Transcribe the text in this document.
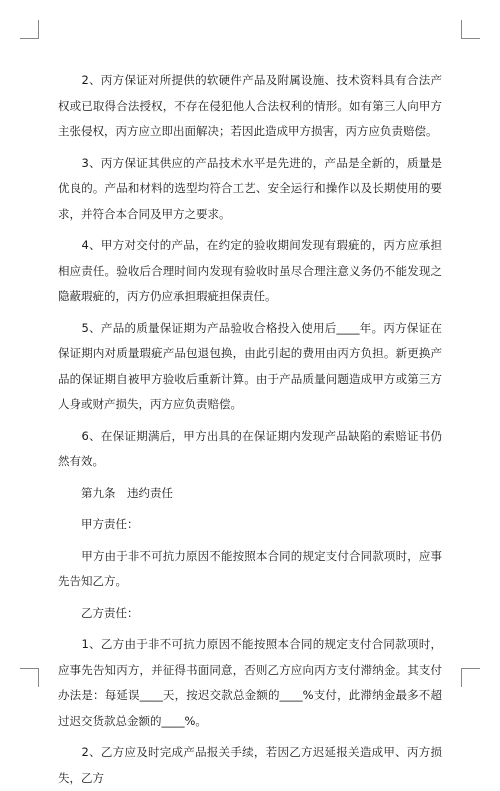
　　2、丙方保证对所提供的软硬件产品及附属设施、技术资料具有合法产权或已取得合法授权，不存在侵犯他人合法权利的情形。如有第三人向甲方主张侵权，丙方应立即出面解决；若因此造成甲方损害，丙方应负责赔偿。

　　3、丙方保证其供应的产品技术水平是先进的，产品是全新的，质量是优良的。产品和材料的选型均符合工艺、安全运行和操作以及长期使用的要求，并符合本合同及甲方之要求。

　　4、甲方对交付的产品，在约定的验收期间发现有瑕疵的，丙方应承担相应责任。验收后合理时间内发现有验收时虽尽合理注意义务仍不能发现之隐蔽瑕疵的，丙方仍应承担瑕疵担保责任。

　　5、产品的质量保证期为产品验收合格投入使用后____年。丙方保证在保证期内对质量瑕疵产品包退包换，由此引起的费用由丙方负担。新更换产品的保证期自被甲方验收后重新计算。由于产品质量问题造成甲方或第三方人身或财产损失，丙方应负责赔偿。

　　6、在保证期满后，甲方出具的在保证期内发现产品缺陷的索赔证书仍然有效。

　　第九条　违约责任

　　甲方责任：

　　甲方由于非不可抗力原因不能按照本合同的规定支付合同款项时，应事先告知乙方。

　　乙方责任：

　　1、乙方由于非不可抗力原因不能按照本合同的规定支付合同款项时，应事先告知丙方，并征得书面同意，否则乙方应向丙方支付滞纳金。其支付办法是：每延误____天，按迟交款总金额的____%支付，此滞纳金最多不超过迟交货款总金额的____%。

　　2、乙方应及时完成产品报关手续，若因乙方迟延报关造成甲、丙方损失，乙方
